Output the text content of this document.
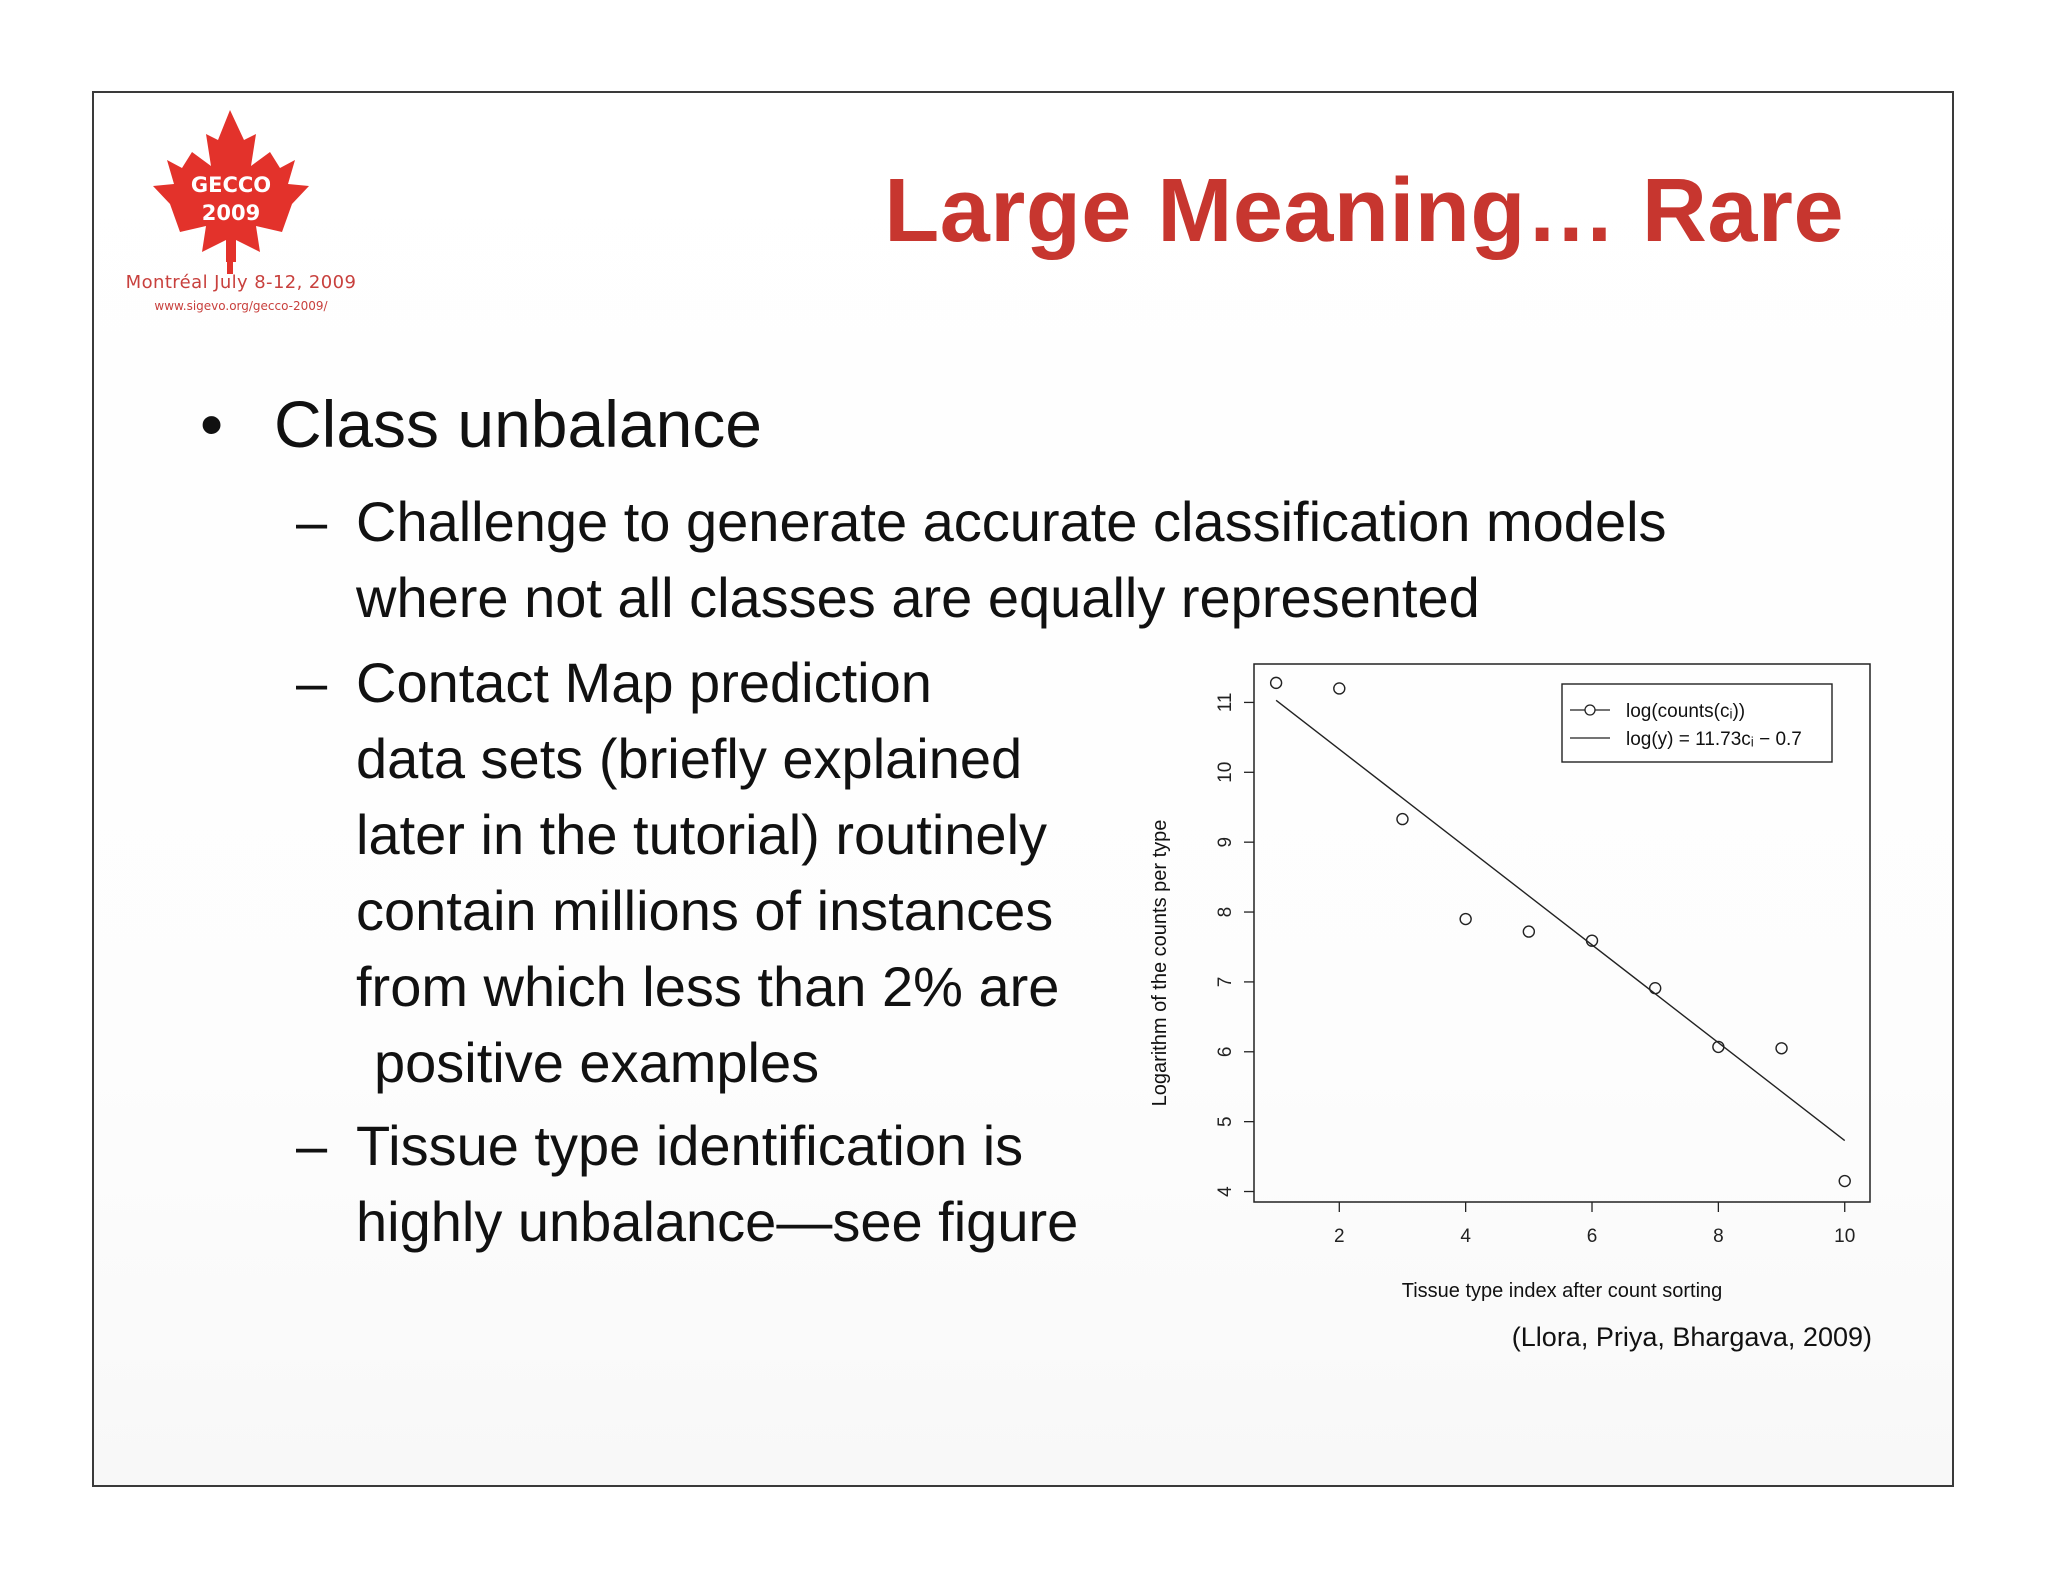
GECCO
2009
Montréal July 8-12, 2009
www.sigevo.org/gecco-2009/
Large Meaning… Rare
• Class unbalance
– Challenge to generate accurate classification models
where not all classes are equally represented
– Contact Map prediction
data sets (briefly explained
later in the tutorial) routinely
contain millions of instances
from which less than 2% are
positive examples
– Tissue type identification is
highly unbalance—see figure	2	4	6	8	10
4
5
6
7
8
9
10
11
Tissue type index after count sorting
Logarithm of the counts per type
log(counts(cᵢ))
log(y) = 11.73cᵢ − 0.7
(Llora, Priya, Bhargava, 2009)
